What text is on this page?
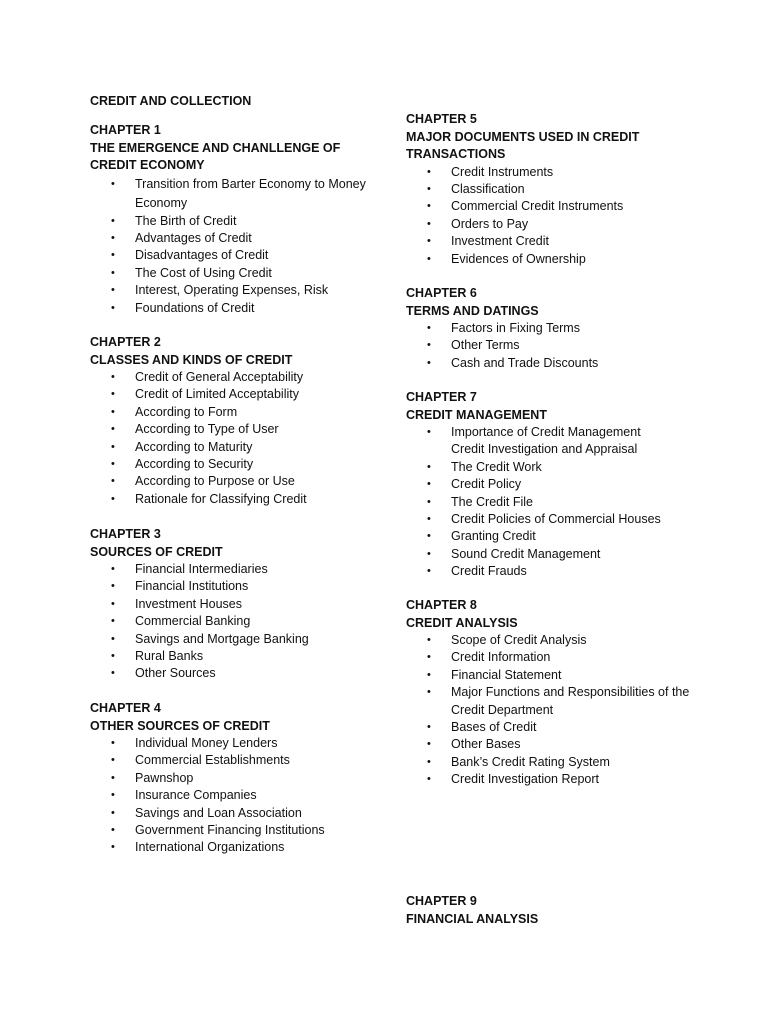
CREDIT AND COLLECTION
CHAPTER 1
THE EMERGENCE AND CHANLLENGE OF CREDIT ECONOMY
• Transition from Barter Economy to Money Economy
• The Birth of Credit
• Advantages of Credit
• Disadvantages of Credit
• The Cost of Using Credit
• Interest, Operating Expenses, Risk
• Foundations of Credit
CHAPTER 2
CLASSES AND KINDS OF CREDIT
• Credit of General Acceptability
• Credit of Limited Acceptability
• According to Form
• According to Type of User
• According to Maturity
• According to Security
• According to Purpose or Use
• Rationale for Classifying Credit
CHAPTER 3
SOURCES OF CREDIT
• Financial Intermediaries
• Financial Institutions
• Investment Houses
• Commercial Banking
• Savings and Mortgage Banking
• Rural Banks
• Other Sources
CHAPTER 4
OTHER SOURCES OF CREDIT
• Individual Money Lenders
• Commercial Establishments
• Pawnshop
• Insurance Companies
• Savings and Loan Association
• Government Financing Institutions
• International Organizations
CHAPTER 5
MAJOR DOCUMENTS USED IN CREDIT TRANSACTIONS
• Credit Instruments
• Classification
• Commercial Credit Instruments
• Orders to Pay
• Investment Credit
• Evidences of Ownership
CHAPTER 6
TERMS AND DATINGS
• Factors in Fixing Terms
• Other Terms
• Cash and Trade Discounts
CHAPTER 7
CREDIT MANAGEMENT
• Importance of Credit Management
Credit Investigation and Appraisal
• The Credit Work
• Credit Policy
• The Credit File
• Credit Policies of Commercial Houses
• Granting Credit
• Sound Credit Management
• Credit Frauds
CHAPTER 8
CREDIT ANALYSIS
• Scope of Credit Analysis
• Credit Information
• Financial Statement
• Major Functions and Responsibilities of the Credit Department
• Bases of Credit
• Other Bases
• Bank’s Credit Rating System
• Credit Investigation Report
CHAPTER 9
FINANCIAL ANALYSIS
